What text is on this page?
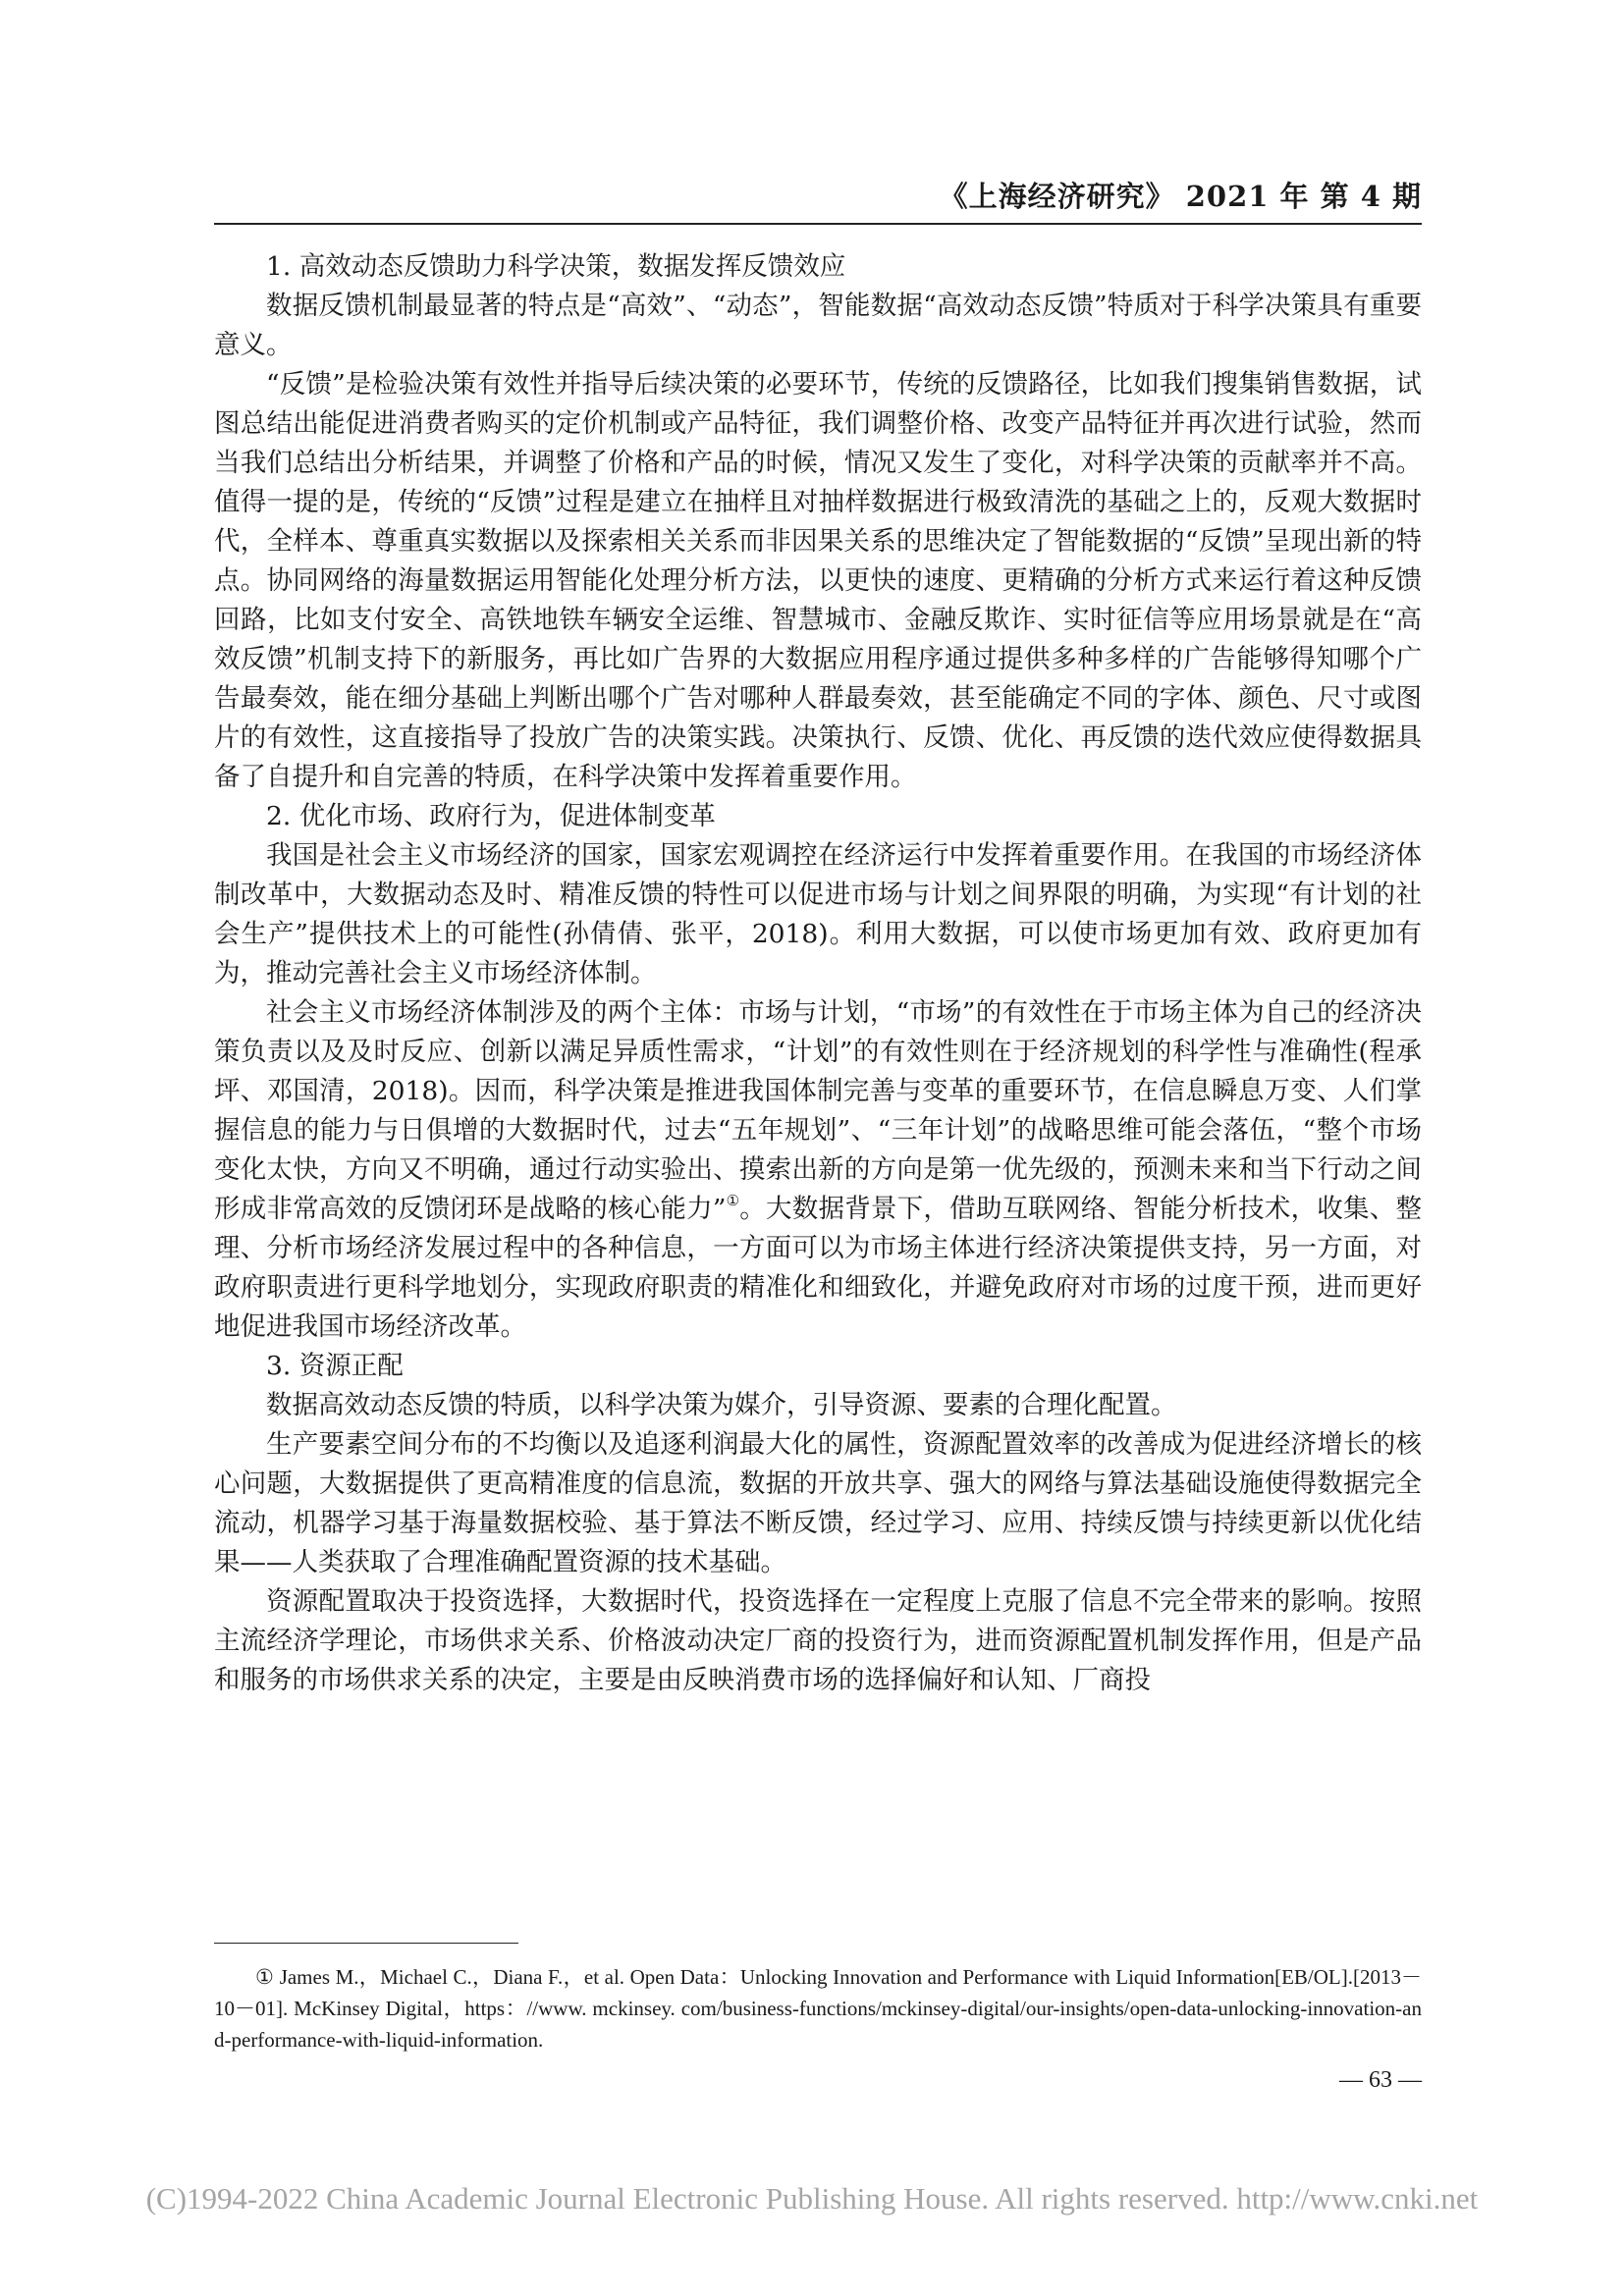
《上海经济研究》 2021 年 第 4 期

1. 高效动态反馈助力科学决策，数据发挥反馈效应

数据反馈机制最显著的特点是“高效”、“动态”，智能数据“高效动态反馈”特质对于科学决策具有重要意义。

“反馈”是检验决策有效性并指导后续决策的必要环节，传统的反馈路径，比如我们搜集销售数据，试图总结出能促进消费者购买的定价机制或产品特征，我们调整价格、改变产品特征并再次进行试验，然而当我们总结出分析结果，并调整了价格和产品的时候，情况又发生了变化，对科学决策的贡献率并不高。值得一提的是，传统的“反馈”过程是建立在抽样且对抽样数据进行极致清洗的基础之上的，反观大数据时代，全样本、尊重真实数据以及探索相关关系而非因果关系的思维决定了智能数据的“反馈”呈现出新的特点。协同网络的海量数据运用智能化处理分析方法，以更快的速度、更精确的分析方式来运行着这种反馈回路，比如支付安全、高铁地铁车辆安全运维、智慧城市、金融反欺诈、实时征信等应用场景就是在“高效反馈”机制支持下的新服务，再比如广告界的大数据应用程序通过提供多种多样的广告能够得知哪个广告最奏效，能在细分基础上判断出哪个广告对哪种人群最奏效，甚至能确定不同的字体、颜色、尺寸或图片的有效性，这直接指导了投放广告的决策实践。决策执行、反馈、优化、再反馈的迭代效应使得数据具备了自提升和自完善的特质，在科学决策中发挥着重要作用。

2. 优化市场、政府行为，促进体制变革

我国是社会主义市场经济的国家，国家宏观调控在经济运行中发挥着重要作用。在我国的市场经济体制改革中，大数据动态及时、精准反馈的特性可以促进市场与计划之间界限的明确，为实现“有计划的社会生产”提供技术上的可能性(孙倩倩、张平，2018)。利用大数据，可以使市场更加有效、政府更加有为，推动完善社会主义市场经济体制。

社会主义市场经济体制涉及的两个主体：市场与计划，“市场”的有效性在于市场主体为自己的经济决策负责以及及时反应、创新以满足异质性需求，“计划”的有效性则在于经济规划的科学性与准确性(程承坪、邓国清，2018)。因而，科学决策是推进我国体制完善与变革的重要环节，在信息瞬息万变、人们掌握信息的能力与日俱增的大数据时代，过去“五年规划”、“三年计划”的战略思维可能会落伍，“整个市场变化太快，方向又不明确，通过行动实验出、摸索出新的方向是第一优先级的，预测未来和当下行动之间形成非常高效的反馈闭环是战略的核心能力”①。大数据背景下，借助互联网络、智能分析技术，收集、整理、分析市场经济发展过程中的各种信息，一方面可以为市场主体进行经济决策提供支持，另一方面，对政府职责进行更科学地划分，实现政府职责的精准化和细致化，并避免政府对市场的过度干预，进而更好地促进我国市场经济改革。

3. 资源正配

数据高效动态反馈的特质，以科学决策为媒介，引导资源、要素的合理化配置。

生产要素空间分布的不均衡以及追逐利润最大化的属性，资源配置效率的改善成为促进经济增长的核心问题，大数据提供了更高精准度的信息流，数据的开放共享、强大的网络与算法基础设施使得数据完全流动，机器学习基于海量数据校验、基于算法不断反馈，经过学习、应用、持续反馈与持续更新以优化结果——人类获取了合理准确配置资源的技术基础。

资源配置取决于投资选择，大数据时代，投资选择在一定程度上克服了信息不完全带来的影响。按照主流经济学理论，市场供求关系、价格波动决定厂商的投资行为，进而资源配置机制发挥作用，但是产品和服务的市场供求关系的决定，主要是由反映消费市场的选择偏好和认知、厂商投

① James M.，Michael C.，Diana F.，et al. Open Data：Unlocking Innovation and Performance with Liquid Information[EB/OL].[2013－10－01]. McKinsey Digital，https：//www. mckinsey. com/business-functions/mckinsey-digital/our-insights/open-data-unlocking-innovation-and-performance-with-liquid-information.

— 63 —
(C)1994-2022 China Academic Journal Electronic Publishing House. All rights reserved. http://www.cnki.net
